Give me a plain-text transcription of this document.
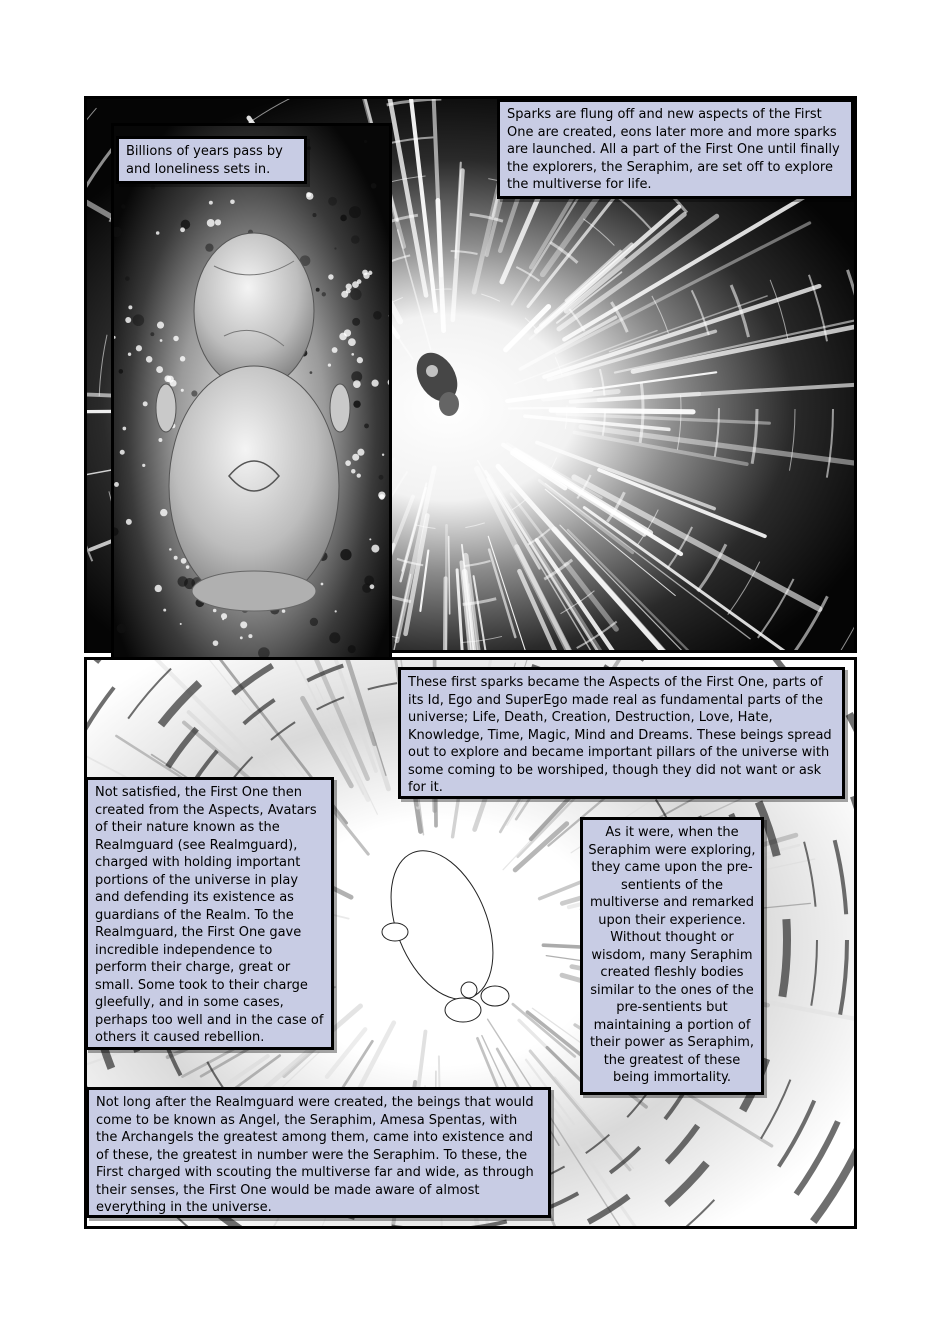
Billions of years pass by and loneliness sets in.
Sparks are flung off and new aspects of the First One are created, eons later more and more sparks are launched. All a part of the First One until finally the explorers, the Seraphim, are set off to explore the multiverse for life.
These first sparks became the Aspects of the First One, parts of its Id, Ego and SuperEgo made real as fundamental parts of the universe; Life, Death, Creation, Destruction, Love, Hate, Knowledge, Time, Magic, Mind and Dreams. These beings spread out to explore and became important pillars of the universe with some coming to be worshiped, though they did not want or ask for it.
Not satisfied, the First One then created from the Aspects, Avatars of their nature known as the Realmguard (see Realmguard), charged with holding important portions of the universe in play and defending its existence as guardians of the Realm. To the Realmguard, the First One gave incredible independence to perform their charge, great or small. Some took to their charge gleefully, and in some cases, perhaps too well and in the case of others it caused rebellion.
As it were, when the Seraphim were exploring, they came upon the pre-sentients of the multiverse and remarked upon their experience. Without thought or wisdom, many Seraphim created fleshly bodies similar to the ones of the pre-sentients but maintaining a portion of their power as Seraphim, the greatest of these being immortality.
Not long after the Realmguard were created, the beings that would come to be known as Angel, the Seraphim, Amesa Spentas, with the Archangels the greatest among them, came into existence and of these, the greatest in number were the Seraphim. To these, the First charged with scouting the multiverse far and wide, as through their senses, the First One would be made aware of almost everything in the universe.
